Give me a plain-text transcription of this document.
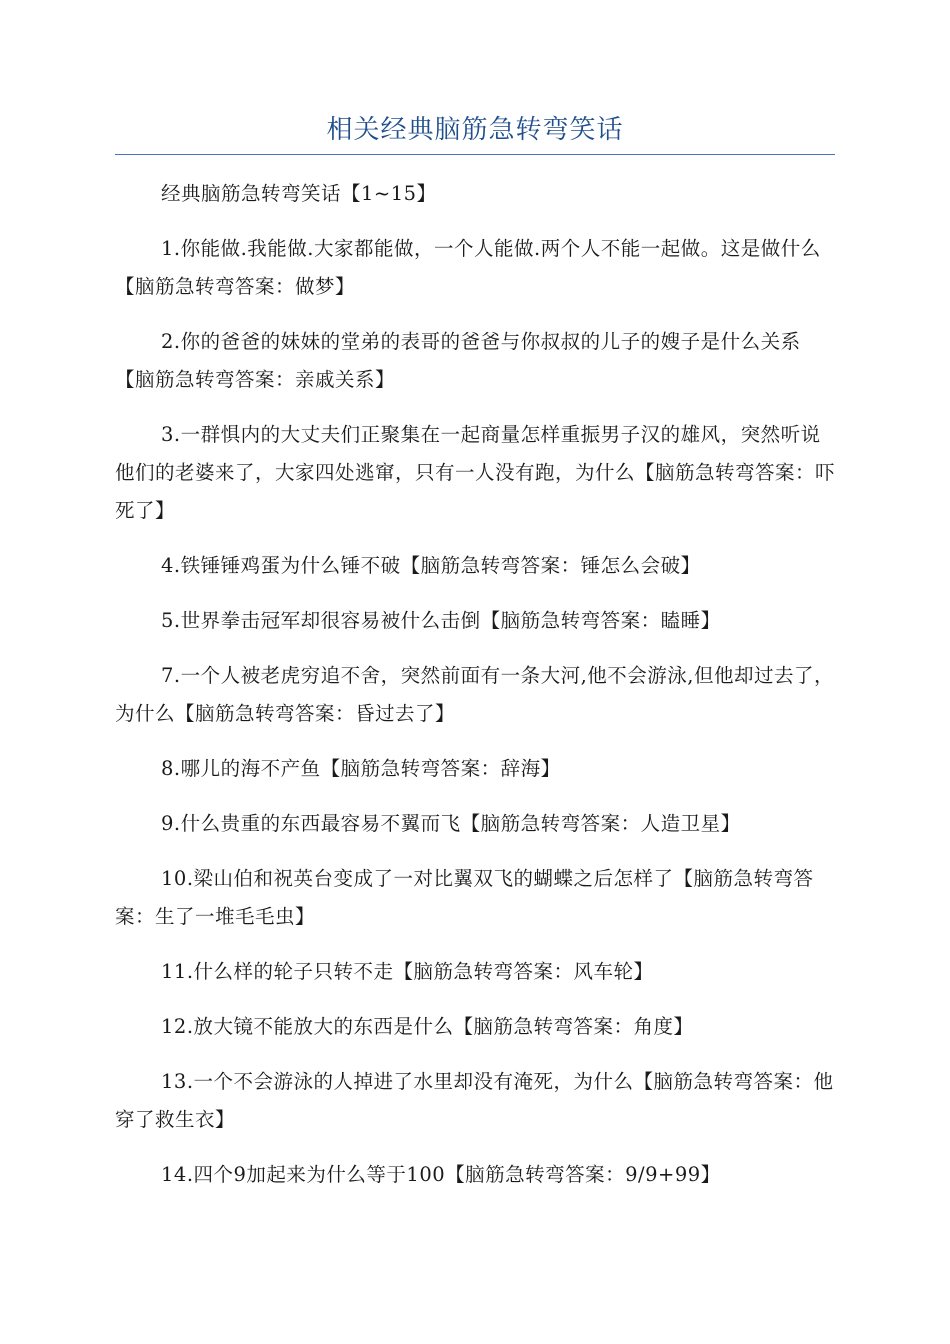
相关经典脑筋急转弯笑话

经典脑筋急转弯笑话【1~15】

1.你能做.我能做.大家都能做，一个人能做.两个人不能一起做。这是做什么【脑筋急转弯答案：做梦】

2.你的爸爸的妹妹的堂弟的表哥的爸爸与你叔叔的儿子的嫂子是什么关系【脑筋急转弯答案：亲戚关系】

3.一群惧内的大丈夫们正聚集在一起商量怎样重振男子汉的雄风，突然听说他们的老婆来了，大家四处逃窜，只有一人没有跑，为什么【脑筋急转弯答案：吓死了】

4.铁锤锤鸡蛋为什么锤不破【脑筋急转弯答案：锤怎么会破】

5.世界拳击冠军却很容易被什么击倒【脑筋急转弯答案：瞌睡】

7.一个人被老虎穷追不舍，突然前面有一条大河,他不会游泳,但他却过去了，为什么【脑筋急转弯答案：昏过去了】

8.哪儿的海不产鱼【脑筋急转弯答案：辞海】

9.什么贵重的东西最容易不翼而飞【脑筋急转弯答案：人造卫星】

10.梁山伯和祝英台变成了一对比翼双飞的蝴蝶之后怎样了【脑筋急转弯答案：生了一堆毛毛虫】

11.什么样的轮子只转不走【脑筋急转弯答案：风车轮】

12.放大镜不能放大的东西是什么【脑筋急转弯答案：角度】

13.一个不会游泳的人掉进了水里却没有淹死，为什么【脑筋急转弯答案：他穿了救生衣】

14.四个9加起来为什么等于100【脑筋急转弯答案：9/9+99】
